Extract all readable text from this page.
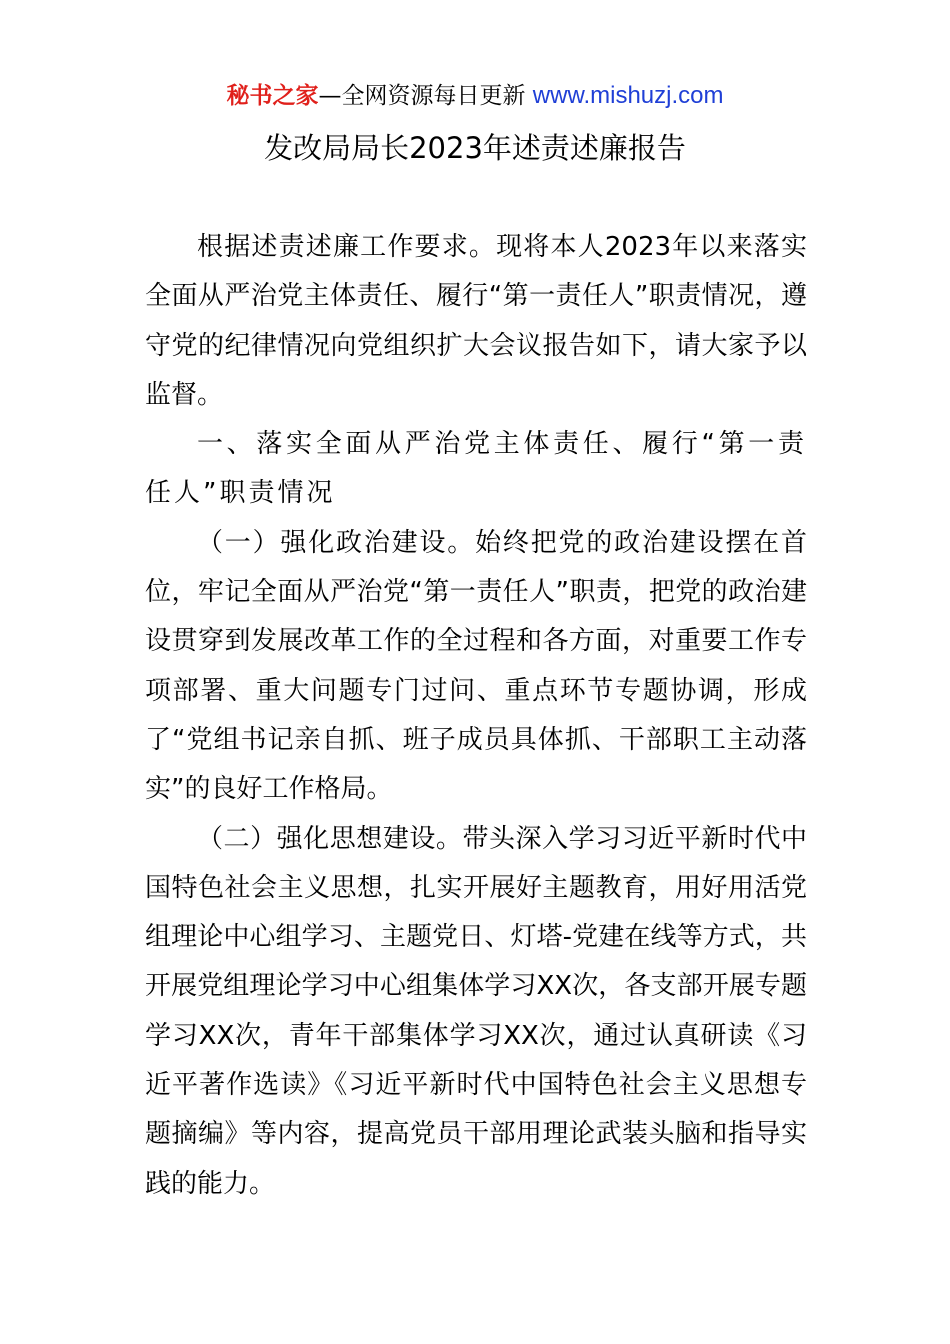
秘书之家—全网资源每日更新 www.mishuzj.com
发改局局长2023年述责述廉报告

根据述责述廉工作要求。现将本人2023年以来落实全面从严治党主体责任、履行“第一责任人”职责情况，遵守党的纪律情况向党组织扩大会议报告如下，请大家予以监督。

一、落实全面从严治党主体责任、履行“第一责任人”职责情况

（一）强化政治建设。始终把党的政治建设摆在首位，牢记全面从严治党“第一责任人”职责，把党的政治建设贯穿到发展改革工作的全过程和各方面，对重要工作专项部署、重大问题专门过问、重点环节专题协调，形成了“党组书记亲自抓、班子成员具体抓、干部职工主动落实”的良好工作格局。

（二）强化思想建设。带头深入学习习近平新时代中国特色社会主义思想，扎实开展好主题教育，用好用活党组理论中心组学习、主题党日、灯塔-党建在线等方式，共开展党组理论学习中心组集体学习XX次，各支部开展专题学习XX次，青年干部集体学习XX次，通过认真研读《习近平著作选读》《习近平新时代中国特色社会主义思想专题摘编》等内容，提高党员干部用理论武装头脑和指导实践的能力。
